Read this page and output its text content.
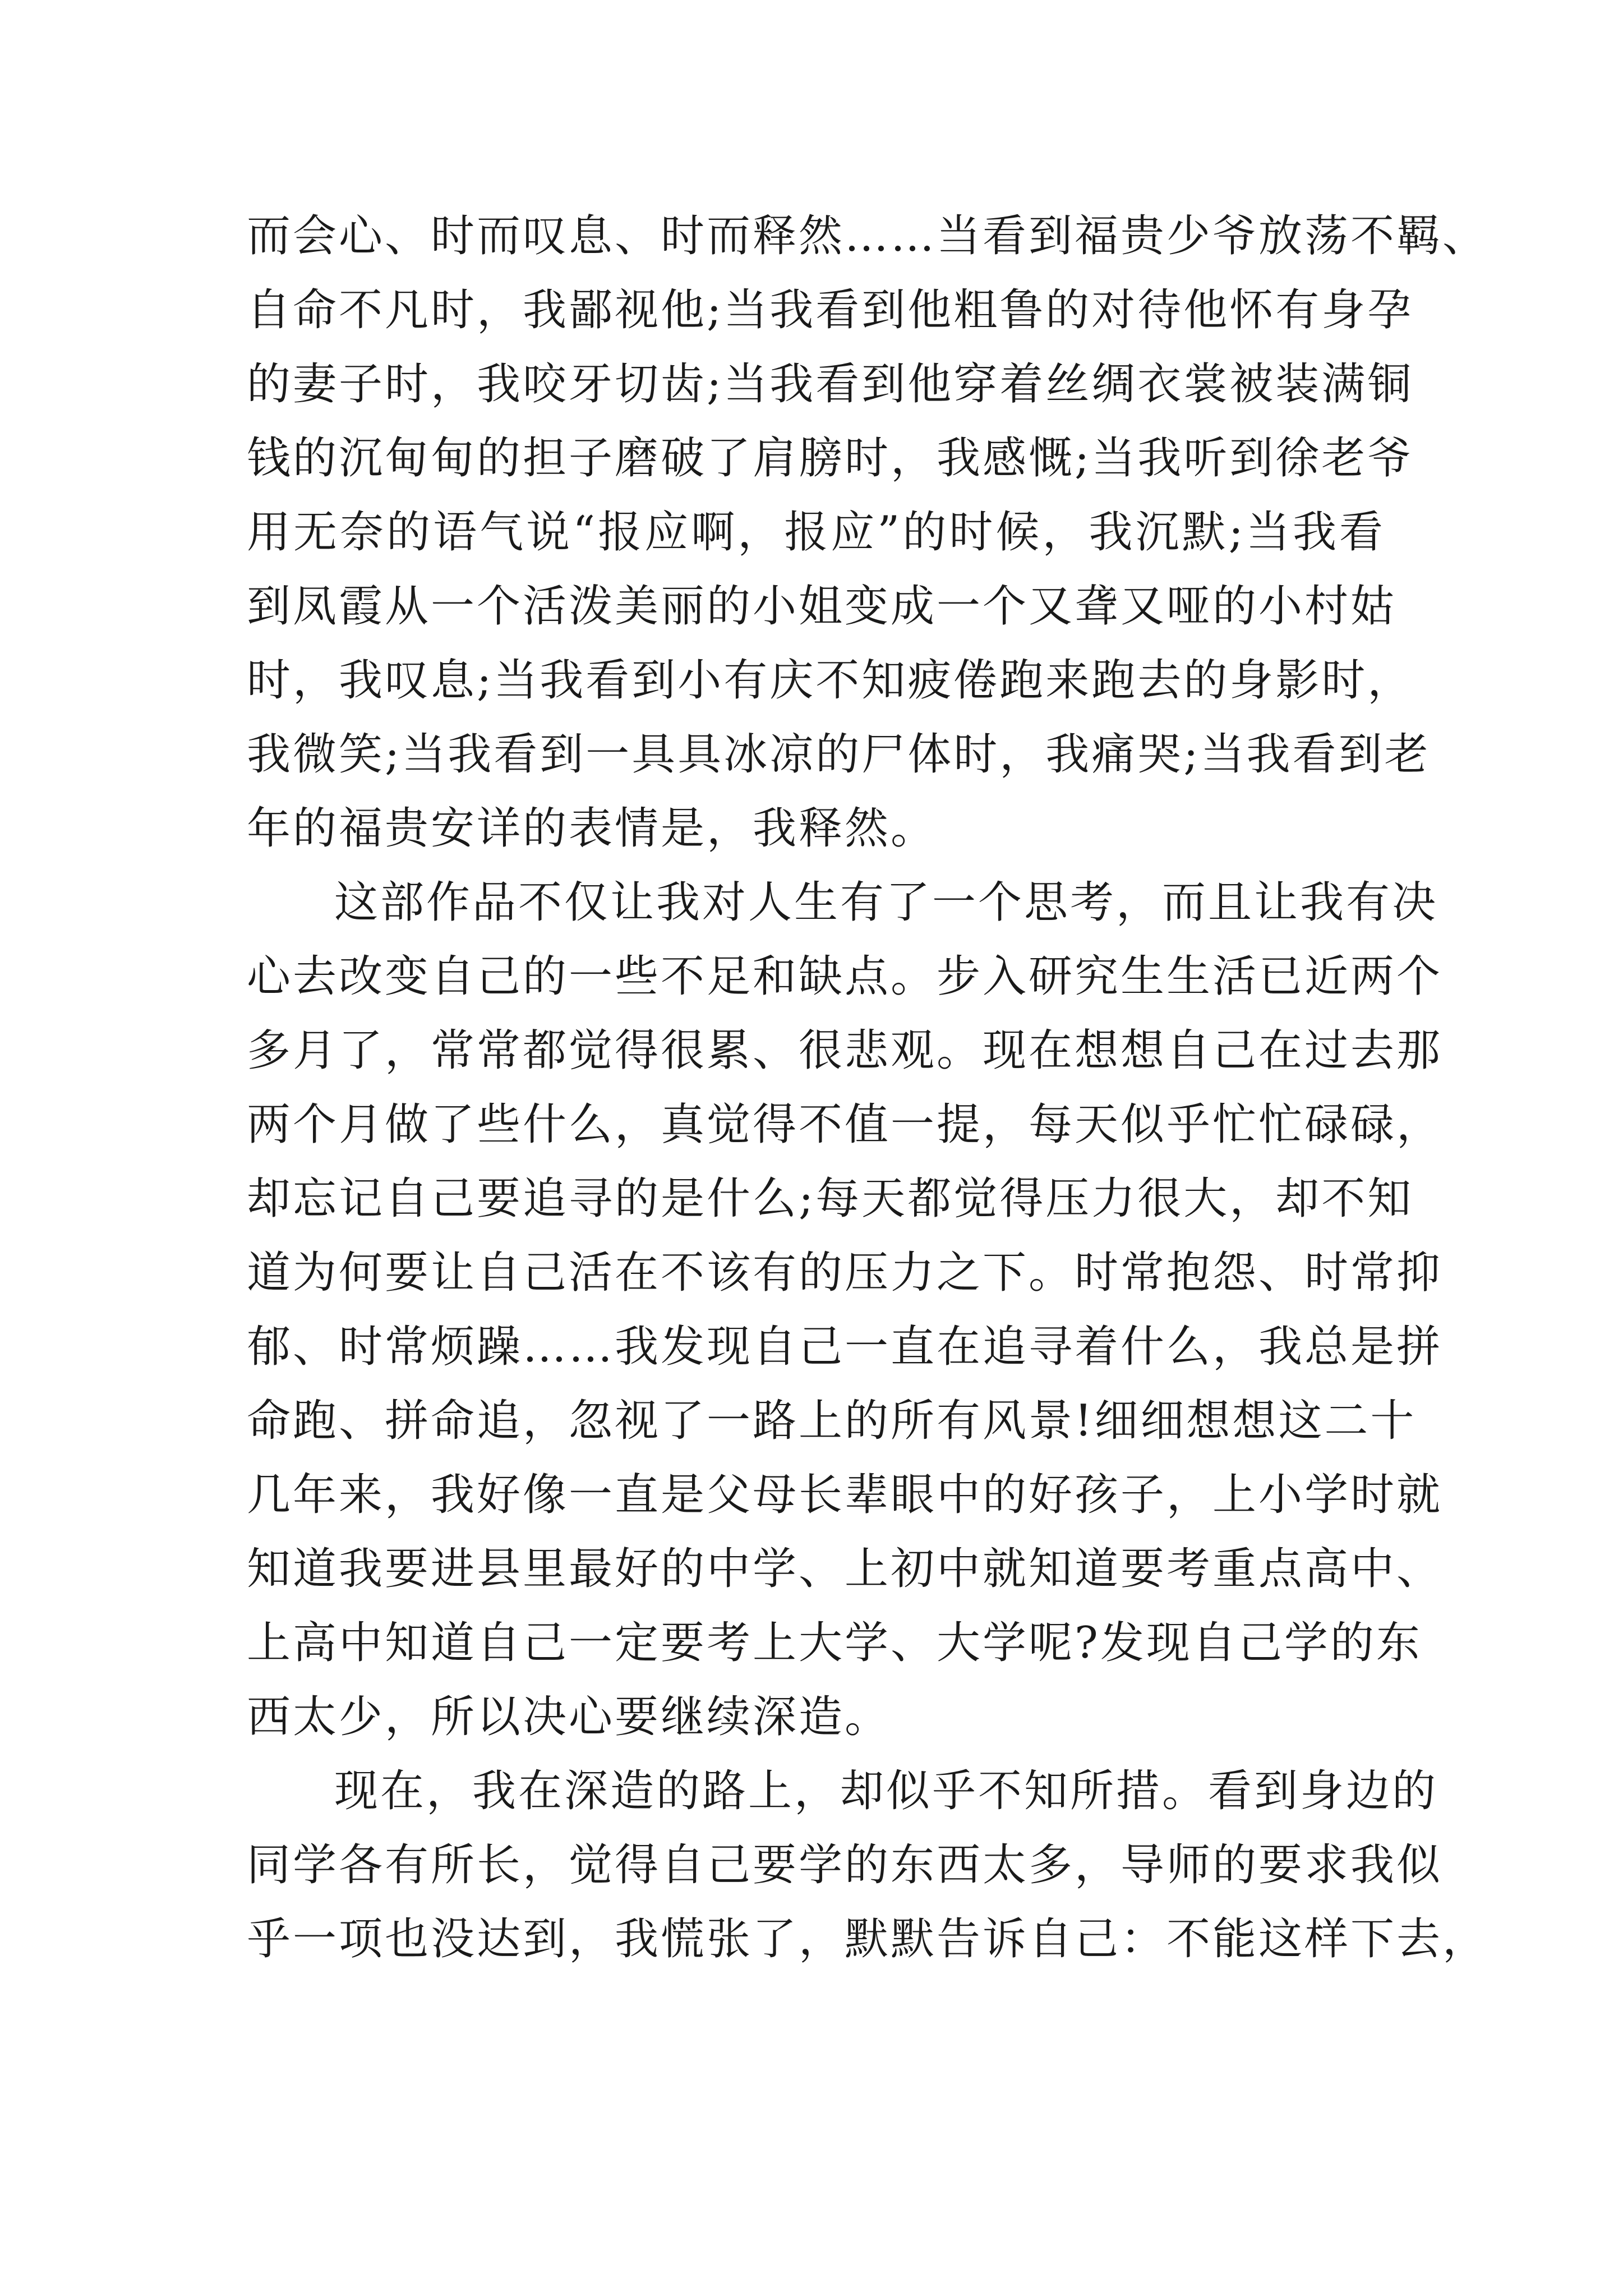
而会心、时而叹息、时而释然……当看到福贵少爷放荡不羁、
自命不凡时，我鄙视他;当我看到他粗鲁的对待他怀有身孕
的妻子时，我咬牙切齿;当我看到他穿着丝绸衣裳被装满铜
钱的沉甸甸的担子磨破了肩膀时，我感慨;当我听到徐老爷
用无奈的语气说“报应啊，报应”的时候，我沉默;当我看
到凤霞从一个活泼美丽的小姐变成一个又聋又哑的小村姑
时，我叹息;当我看到小有庆不知疲倦跑来跑去的身影时，
我微笑;当我看到一具具冰凉的尸体时，我痛哭;当我看到老
年的福贵安详的表情是，我释然。
这部作品不仅让我对人生有了一个思考，而且让我有决
心去改变自己的一些不足和缺点。步入研究生生活已近两个
多月了，常常都觉得很累、很悲观。现在想想自己在过去那
两个月做了些什么，真觉得不值一提，每天似乎忙忙碌碌，
却忘记自己要追寻的是什么;每天都觉得压力很大，却不知
道为何要让自己活在不该有的压力之下。时常抱怨、时常抑
郁、时常烦躁……我发现自己一直在追寻着什么，我总是拼
命跑、拼命追，忽视了一路上的所有风景!细细想想这二十
几年来，我好像一直是父母长辈眼中的好孩子，上小学时就
知道我要进县里最好的中学、上初中就知道要考重点高中、
上高中知道自己一定要考上大学、大学呢?发现自己学的东
西太少，所以决心要继续深造。
现在，我在深造的路上，却似乎不知所措。看到身边的
同学各有所长，觉得自己要学的东西太多，导师的要求我似
乎一项也没达到，我慌张了，默默告诉自己：不能这样下去，
